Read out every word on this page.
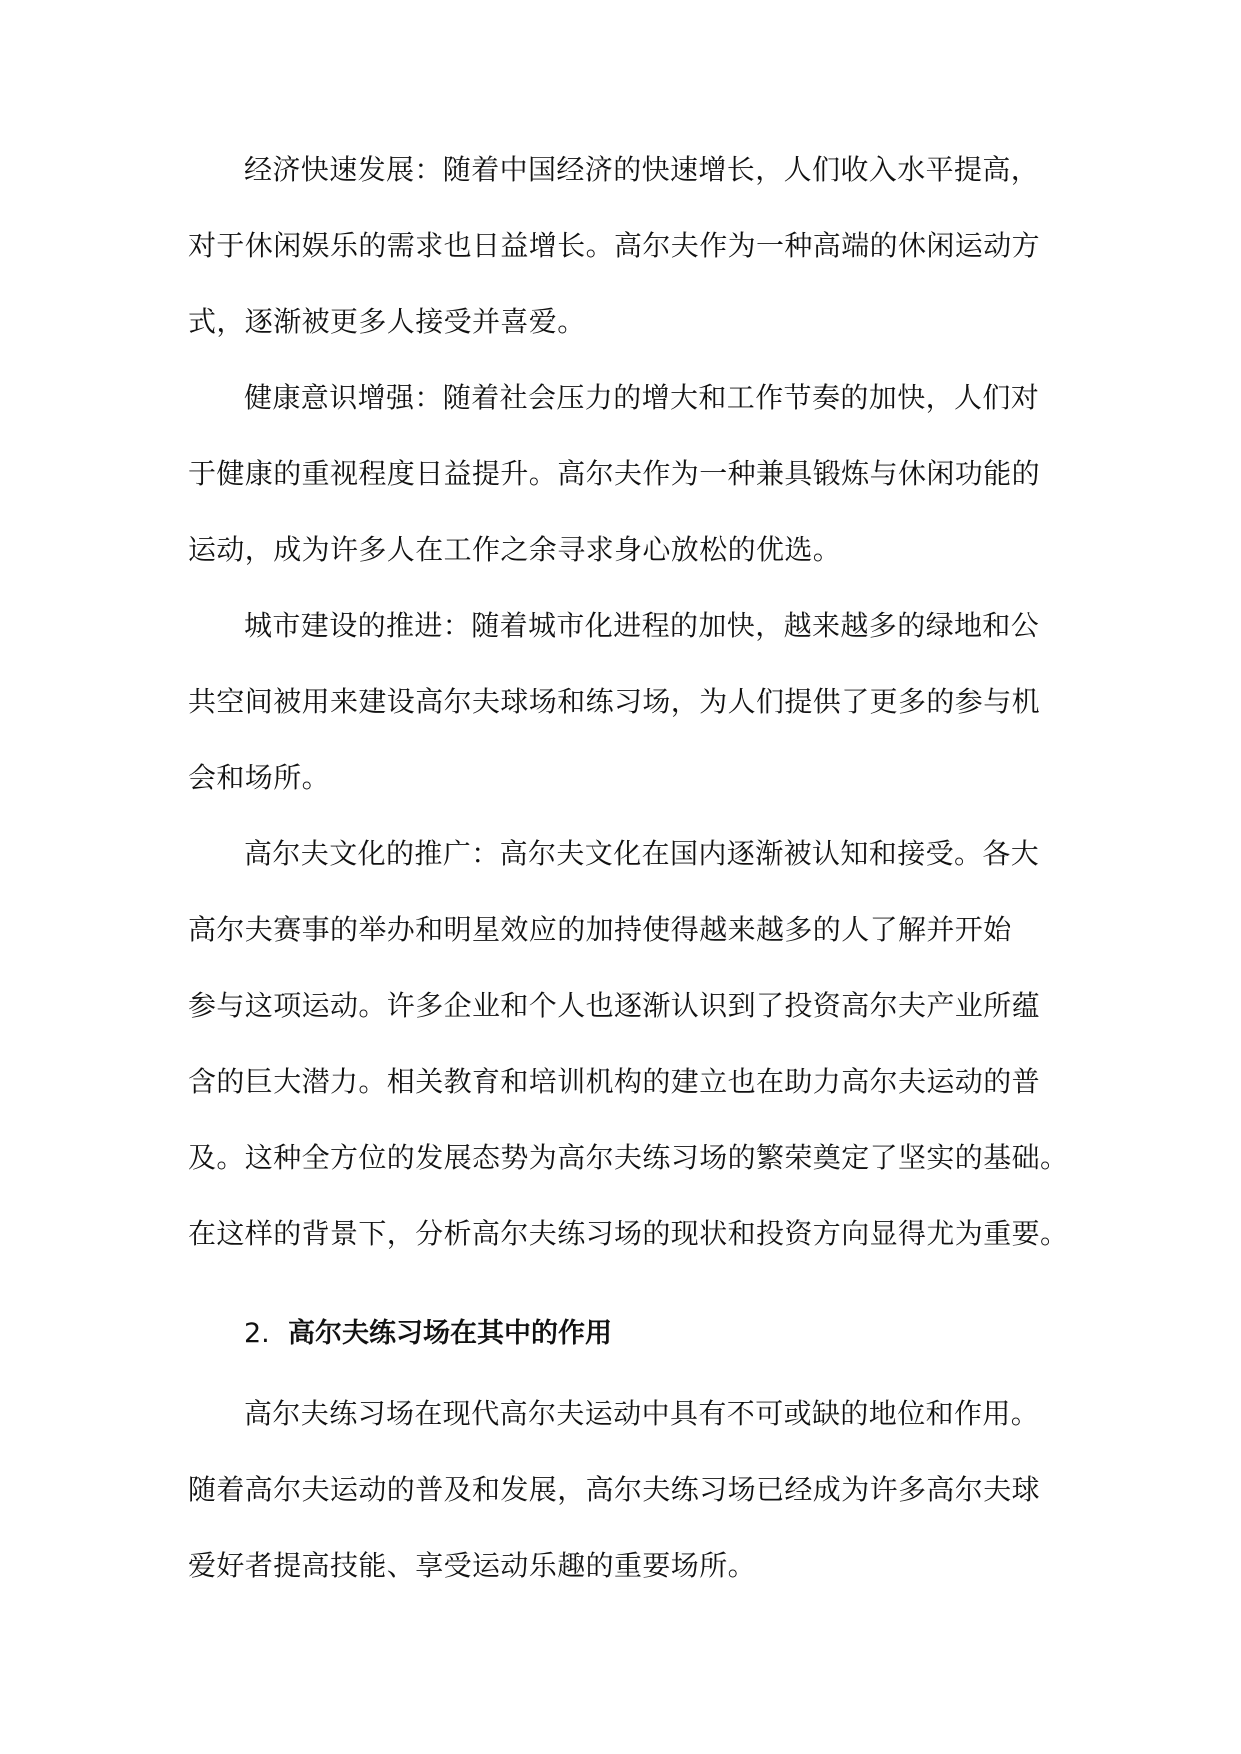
经济快速发展：随着中国经济的快速增长，人们收入水平提高，
对于休闲娱乐的需求也日益增长。高尔夫作为一种高端的休闲运动方
式，逐渐被更多人接受并喜爱。
健康意识增强：随着社会压力的增大和工作节奏的加快，人们对
于健康的重视程度日益提升。高尔夫作为一种兼具锻炼与休闲功能的
运动，成为许多人在工作之余寻求身心放松的优选。
城市建设的推进：随着城市化进程的加快，越来越多的绿地和公
共空间被用来建设高尔夫球场和练习场，为人们提供了更多的参与机
会和场所。
高尔夫文化的推广：高尔夫文化在国内逐渐被认知和接受。各大
高尔夫赛事的举办和明星效应的加持使得越来越多的人了解并开始
参与这项运动。许多企业和个人也逐渐认识到了投资高尔夫产业所蕴
含的巨大潜力。相关教育和培训机构的建立也在助力高尔夫运动的普
及。这种全方位的发展态势为高尔夫练习场的繁荣奠定了坚实的基础。
在这样的背景下，分析高尔夫练习场的现状和投资方向显得尤为重要。
2. 高尔夫练习场在其中的作用
高尔夫练习场在现代高尔夫运动中具有不可或缺的地位和作用。
随着高尔夫运动的普及和发展，高尔夫练习场已经成为许多高尔夫球
爱好者提高技能、享受运动乐趣的重要场所。
